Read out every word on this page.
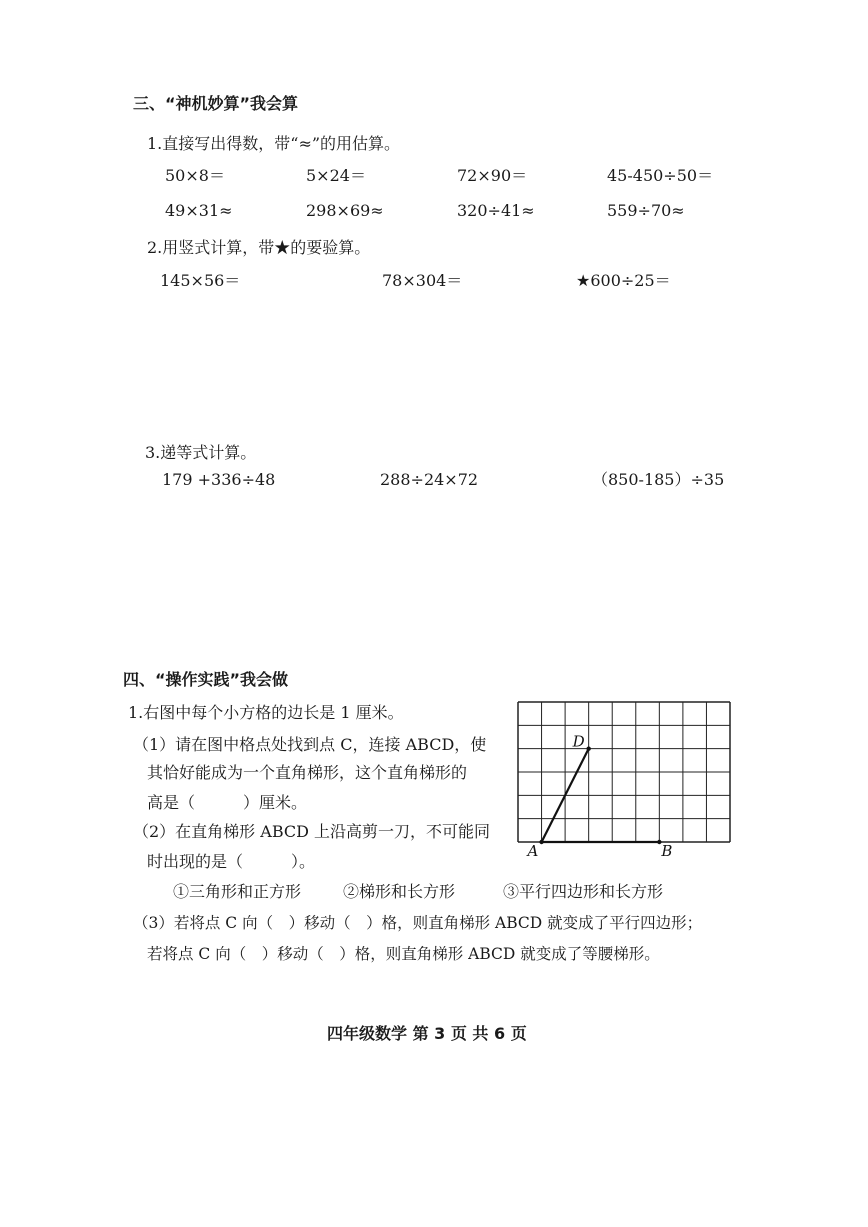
三、“神机妙算”我会算
1.直接写出得数，带“≈”的用估算。
50×8＝	5×24＝	72×90＝	45-450÷50＝
49×31≈	298×69≈	320÷41≈	559÷70≈
2.用竖式计算，带★的要验算。
145×56＝	78×304＝	★600÷25＝
3.递等式计算。
179 +336÷48	288÷24×72	（850-185）÷35
四、“操作实践”我会做
1.右图中每个小方格的边长是 1 厘米。
（1）请在图中格点处找到点 C，连接 ABCD，使
其恰好能成为一个直角梯形，这个直角梯形的
高是（　　　）厘米。
（2）在直角梯形 ABCD 上沿高剪一刀，不可能同
时出现的是（　　　）。
①三角形和正方形	②梯形和长方形	③平行四边形和长方形
（3）若将点 C 向（　）移动（　）格，则直角梯形 ABCD 就变成了平行四边形；
若将点 C 向（　）移动（　）格，则直角梯形 ABCD 就变成了等腰梯形。
A	B
D
四年级数学 第 3 页 共 6 页
